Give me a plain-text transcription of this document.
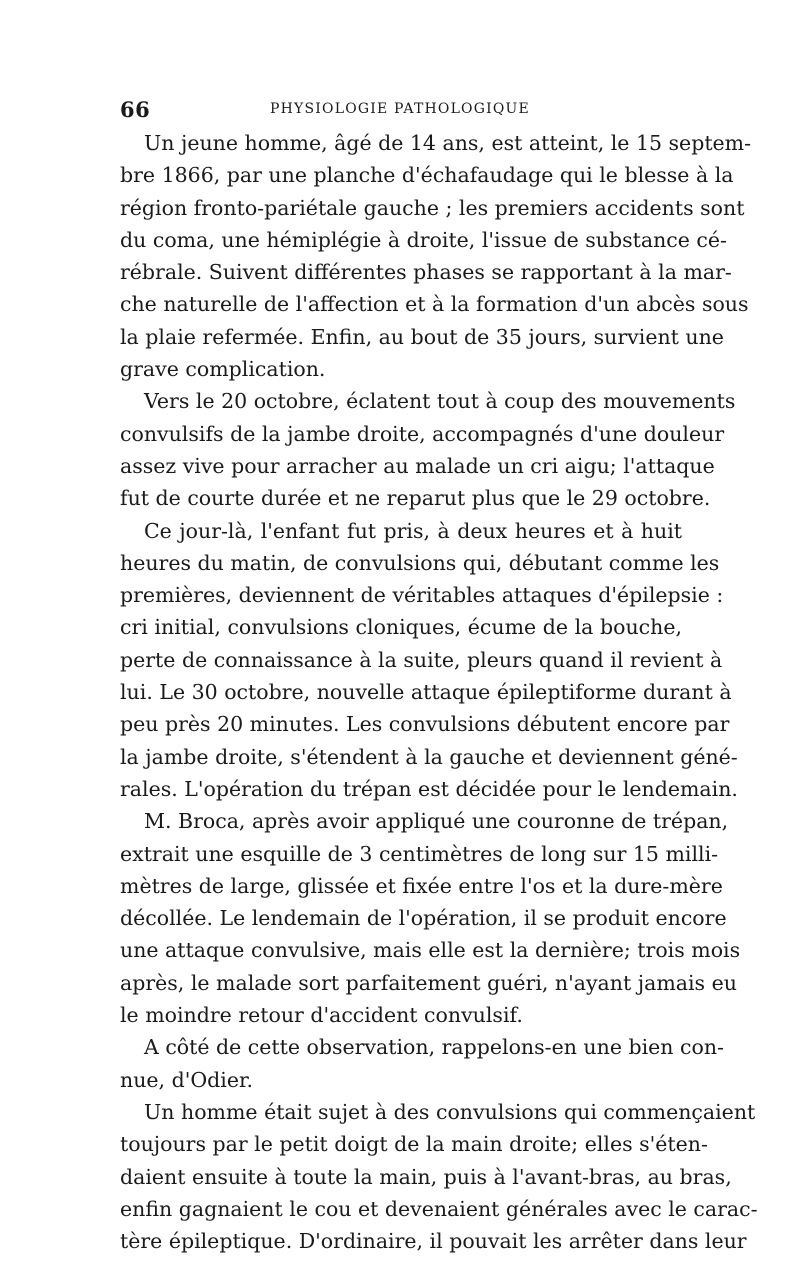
66	PHYSIOLOGIE PATHOLOGIQUE
Un jeune homme, âgé de 14 ans, est atteint, le 15 septem-
bre 1866, par une planche d'échafaudage qui le blesse à la
région fronto-pariétale gauche ; les premiers accidents sont
du coma, une hémiplégie à droite, l'issue de substance cé-
rébrale. Suivent différentes phases se rapportant à la mar-
che naturelle de l'affection et à la formation d'un abcès sous
la plaie refermée. Enfin, au bout de 35 jours, survient une
grave complication.
Vers le 20 octobre, éclatent tout à coup des mouvements
convulsifs de la jambe droite, accompagnés d'une douleur
assez vive pour arracher au malade un cri aigu; l'attaque
fut de courte durée et ne reparut plus que le 29 octobre.
Ce jour-là, l'enfant fut pris, à deux heures et à huit
heures du matin, de convulsions qui, débutant comme les
premières, deviennent de véritables attaques d'épilepsie :
cri initial, convulsions cloniques, écume de la bouche,
perte de connaissance à la suite, pleurs quand il revient à
lui. Le 30 octobre, nouvelle attaque épileptiforme durant à
peu près 20 minutes. Les convulsions débutent encore par
la jambe droite, s'étendent à la gauche et deviennent géné-
rales. L'opération du trépan est décidée pour le lendemain.
M. Broca, après avoir appliqué une couronne de trépan,
extrait une esquille de 3 centimètres de long sur 15 milli-
mètres de large, glissée et fixée entre l'os et la dure-mère
décollée. Le lendemain de l'opération, il se produit encore
une attaque convulsive, mais elle est la dernière; trois mois
après, le malade sort parfaitement guéri, n'ayant jamais eu
le moindre retour d'accident convulsif.
A côté de cette observation, rappelons-en une bien con-
nue, d'Odier.
Un homme était sujet à des convulsions qui commençaient
toujours par le petit doigt de la main droite; elles s'éten-
daient ensuite à toute la main, puis à l'avant-bras, au bras,
enfin gagnaient le cou et devenaient générales avec le carac-
tère épileptique. D'ordinaire, il pouvait les arrêter dans leur
